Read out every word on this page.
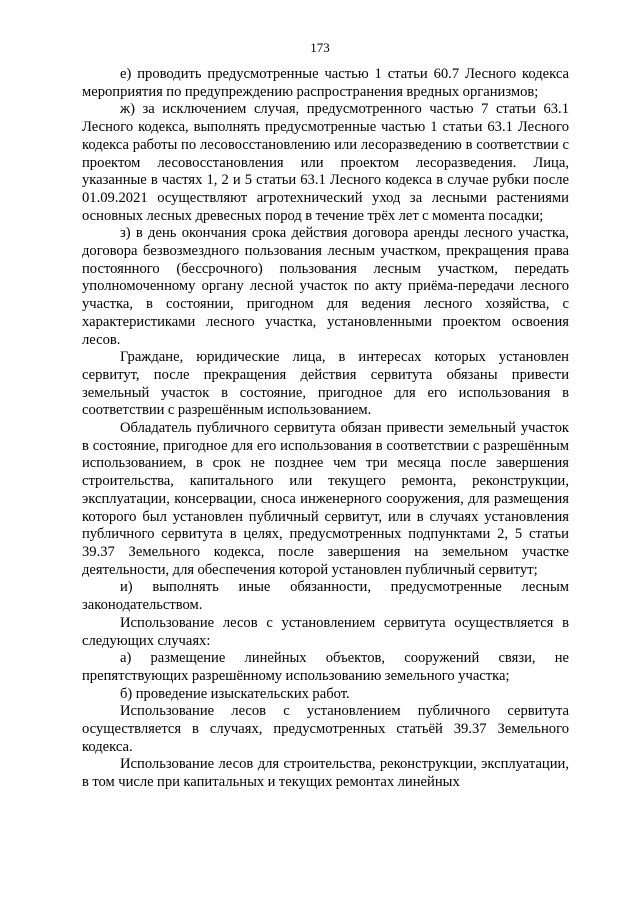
173

е) проводить предусмотренные частью 1 статьи 60.7 Лесного кодекса мероприятия по предупреждению распространения вредных организмов;

ж) за исключением случая, предусмотренного частью 7 статьи 63.1 Лесного кодекса, выполнять предусмотренные частью 1 статьи 63.1 Лесного кодекса работы по лесовосстановлению или лесоразведению в соответствии с проектом лесовосстановления или проектом лесоразведения. Лица, указанные в частях 1, 2 и 5 статьи 63.1 Лесного кодекса в случае рубки после 01.09.2021 осуществляют агротехнический уход за лесными растениями основных лесных древесных пород в течение трёх лет с момента посадки;

з) в день окончания срока действия договора аренды лесного участка, договора безвозмездного пользования лесным участком, прекращения права постоянного (бессрочного) пользования лесным участком, передать уполномоченному органу лесной участок по акту приёма-передачи лесного участка, в состоянии, пригодном для ведения лесного хозяйства, с характеристиками лесного участка, установленными проектом освоения лесов.

Граждане, юридические лица, в интересах которых установлен сервитут, после прекращения действия сервитута обязаны привести земельный участок в состояние, пригодное для его использования в соответствии с разрешённым использованием.

Обладатель публичного сервитута обязан привести земельный участок в состояние, пригодное для его использования в соответствии с разрешённым использованием, в срок не позднее чем три месяца после завершения строительства, капитального или текущего ремонта, реконструкции, эксплуатации, консервации, сноса инженерного сооружения, для размещения которого был установлен публичный сервитут, или в случаях установления публичного сервитута в целях, предусмотренных подпунктами 2, 5 статьи 39.37 Земельного кодекса, после завершения на земельном участке деятельности, для обеспечения которой установлен публичный сервитут;

и) выполнять иные обязанности, предусмотренные лесным законодательством.

Использование лесов с установлением сервитута осуществляется в следующих случаях:

а) размещение линейных объектов, сооружений связи, не препятствующих разрешённому использованию земельного участка;

б) проведение изыскательских работ.

Использование лесов с установлением публичного сервитута осуществляется в случаях, предусмотренных статьёй 39.37 Земельного кодекса.

Использование лесов для строительства, реконструкции, эксплуатации, в том числе при капитальных и текущих ремонтах линейных
